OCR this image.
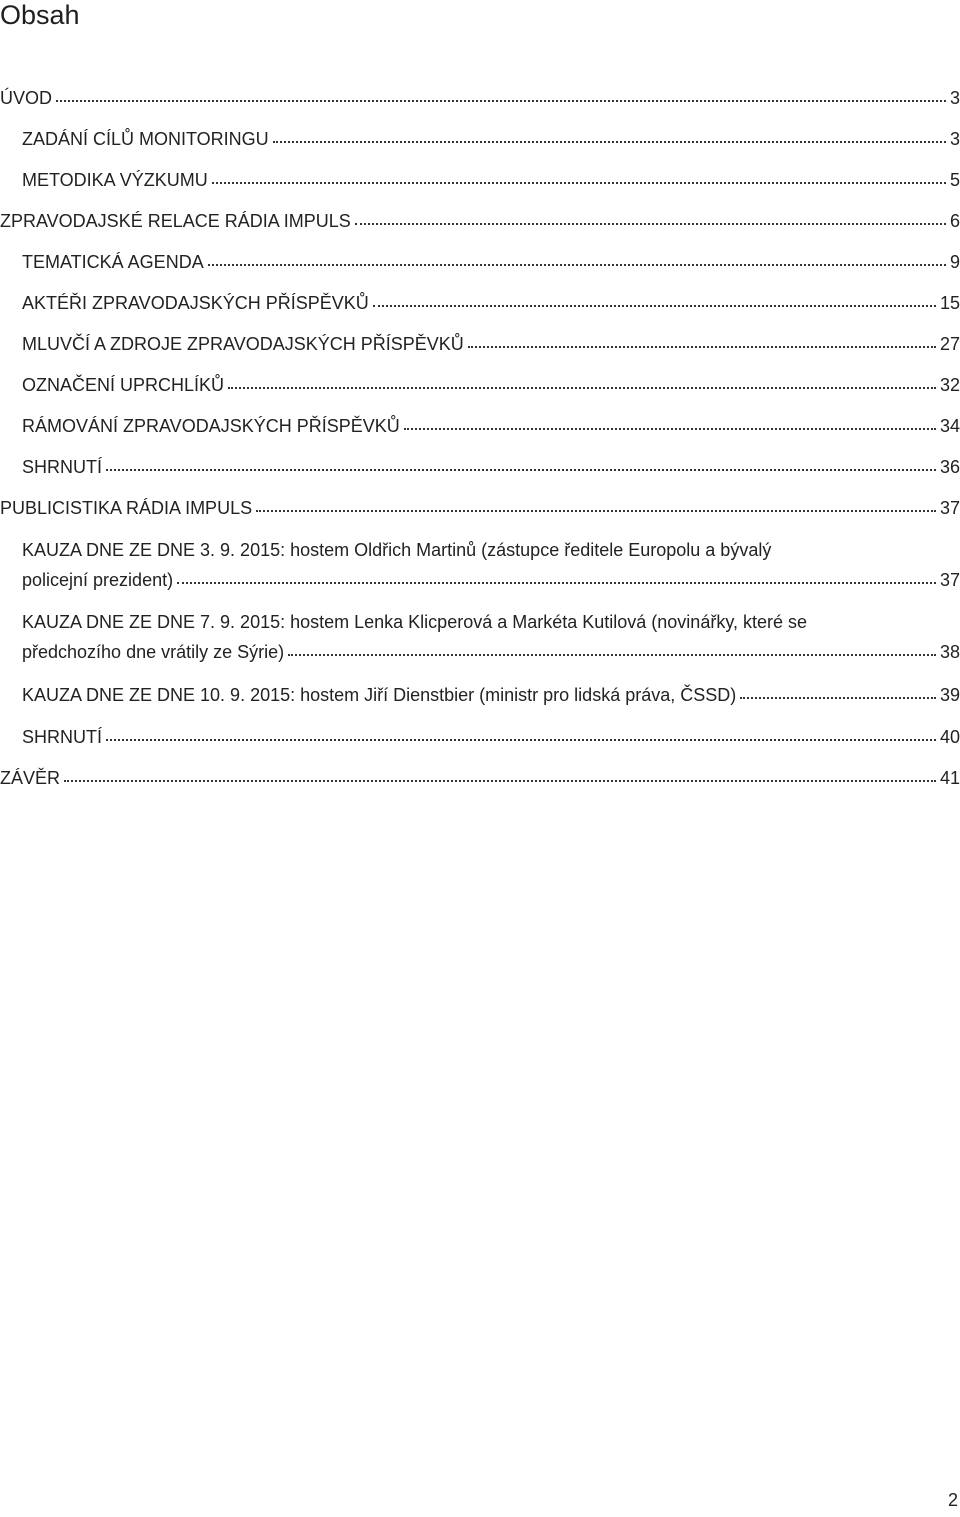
Obsah
ÚVOD	3
ZADÁNÍ CÍLŮ MONITORINGU	3
METODIKA VÝZKUMU	5
ZPRAVODAJSKÉ RELACE RÁDIA IMPULS	6
TEMATICKÁ AGENDA	9
AKTÉŘI ZPRAVODAJSKÝCH PŘÍSPĚVKŮ	15
MLUVČÍ A ZDROJE ZPRAVODAJSKÝCH PŘÍSPĚVKŮ	27
OZNAČENÍ UPRCHLÍKŮ	32
RÁMOVÁNÍ ZPRAVODAJSKÝCH PŘÍSPĚVKŮ	34
SHRNUTÍ	36
PUBLICISTIKA RÁDIA IMPULS	37
KAUZA DNE ZE DNE 3. 9. 2015: hostem Oldřich Martinů (zástupce ředitele Europolu a bývalý
policejní prezident)	37
KAUZA DNE ZE DNE 7. 9. 2015: hostem Lenka Klicperová a Markéta Kutilová (novinářky, které se
předchozího dne vrátily ze Sýrie)	38
KAUZA DNE ZE DNE 10. 9. 2015: hostem Jiří Dienstbier (ministr pro lidská práva, ČSSD)	39
SHRNUTÍ	40
ZÁVĚR	41
2
